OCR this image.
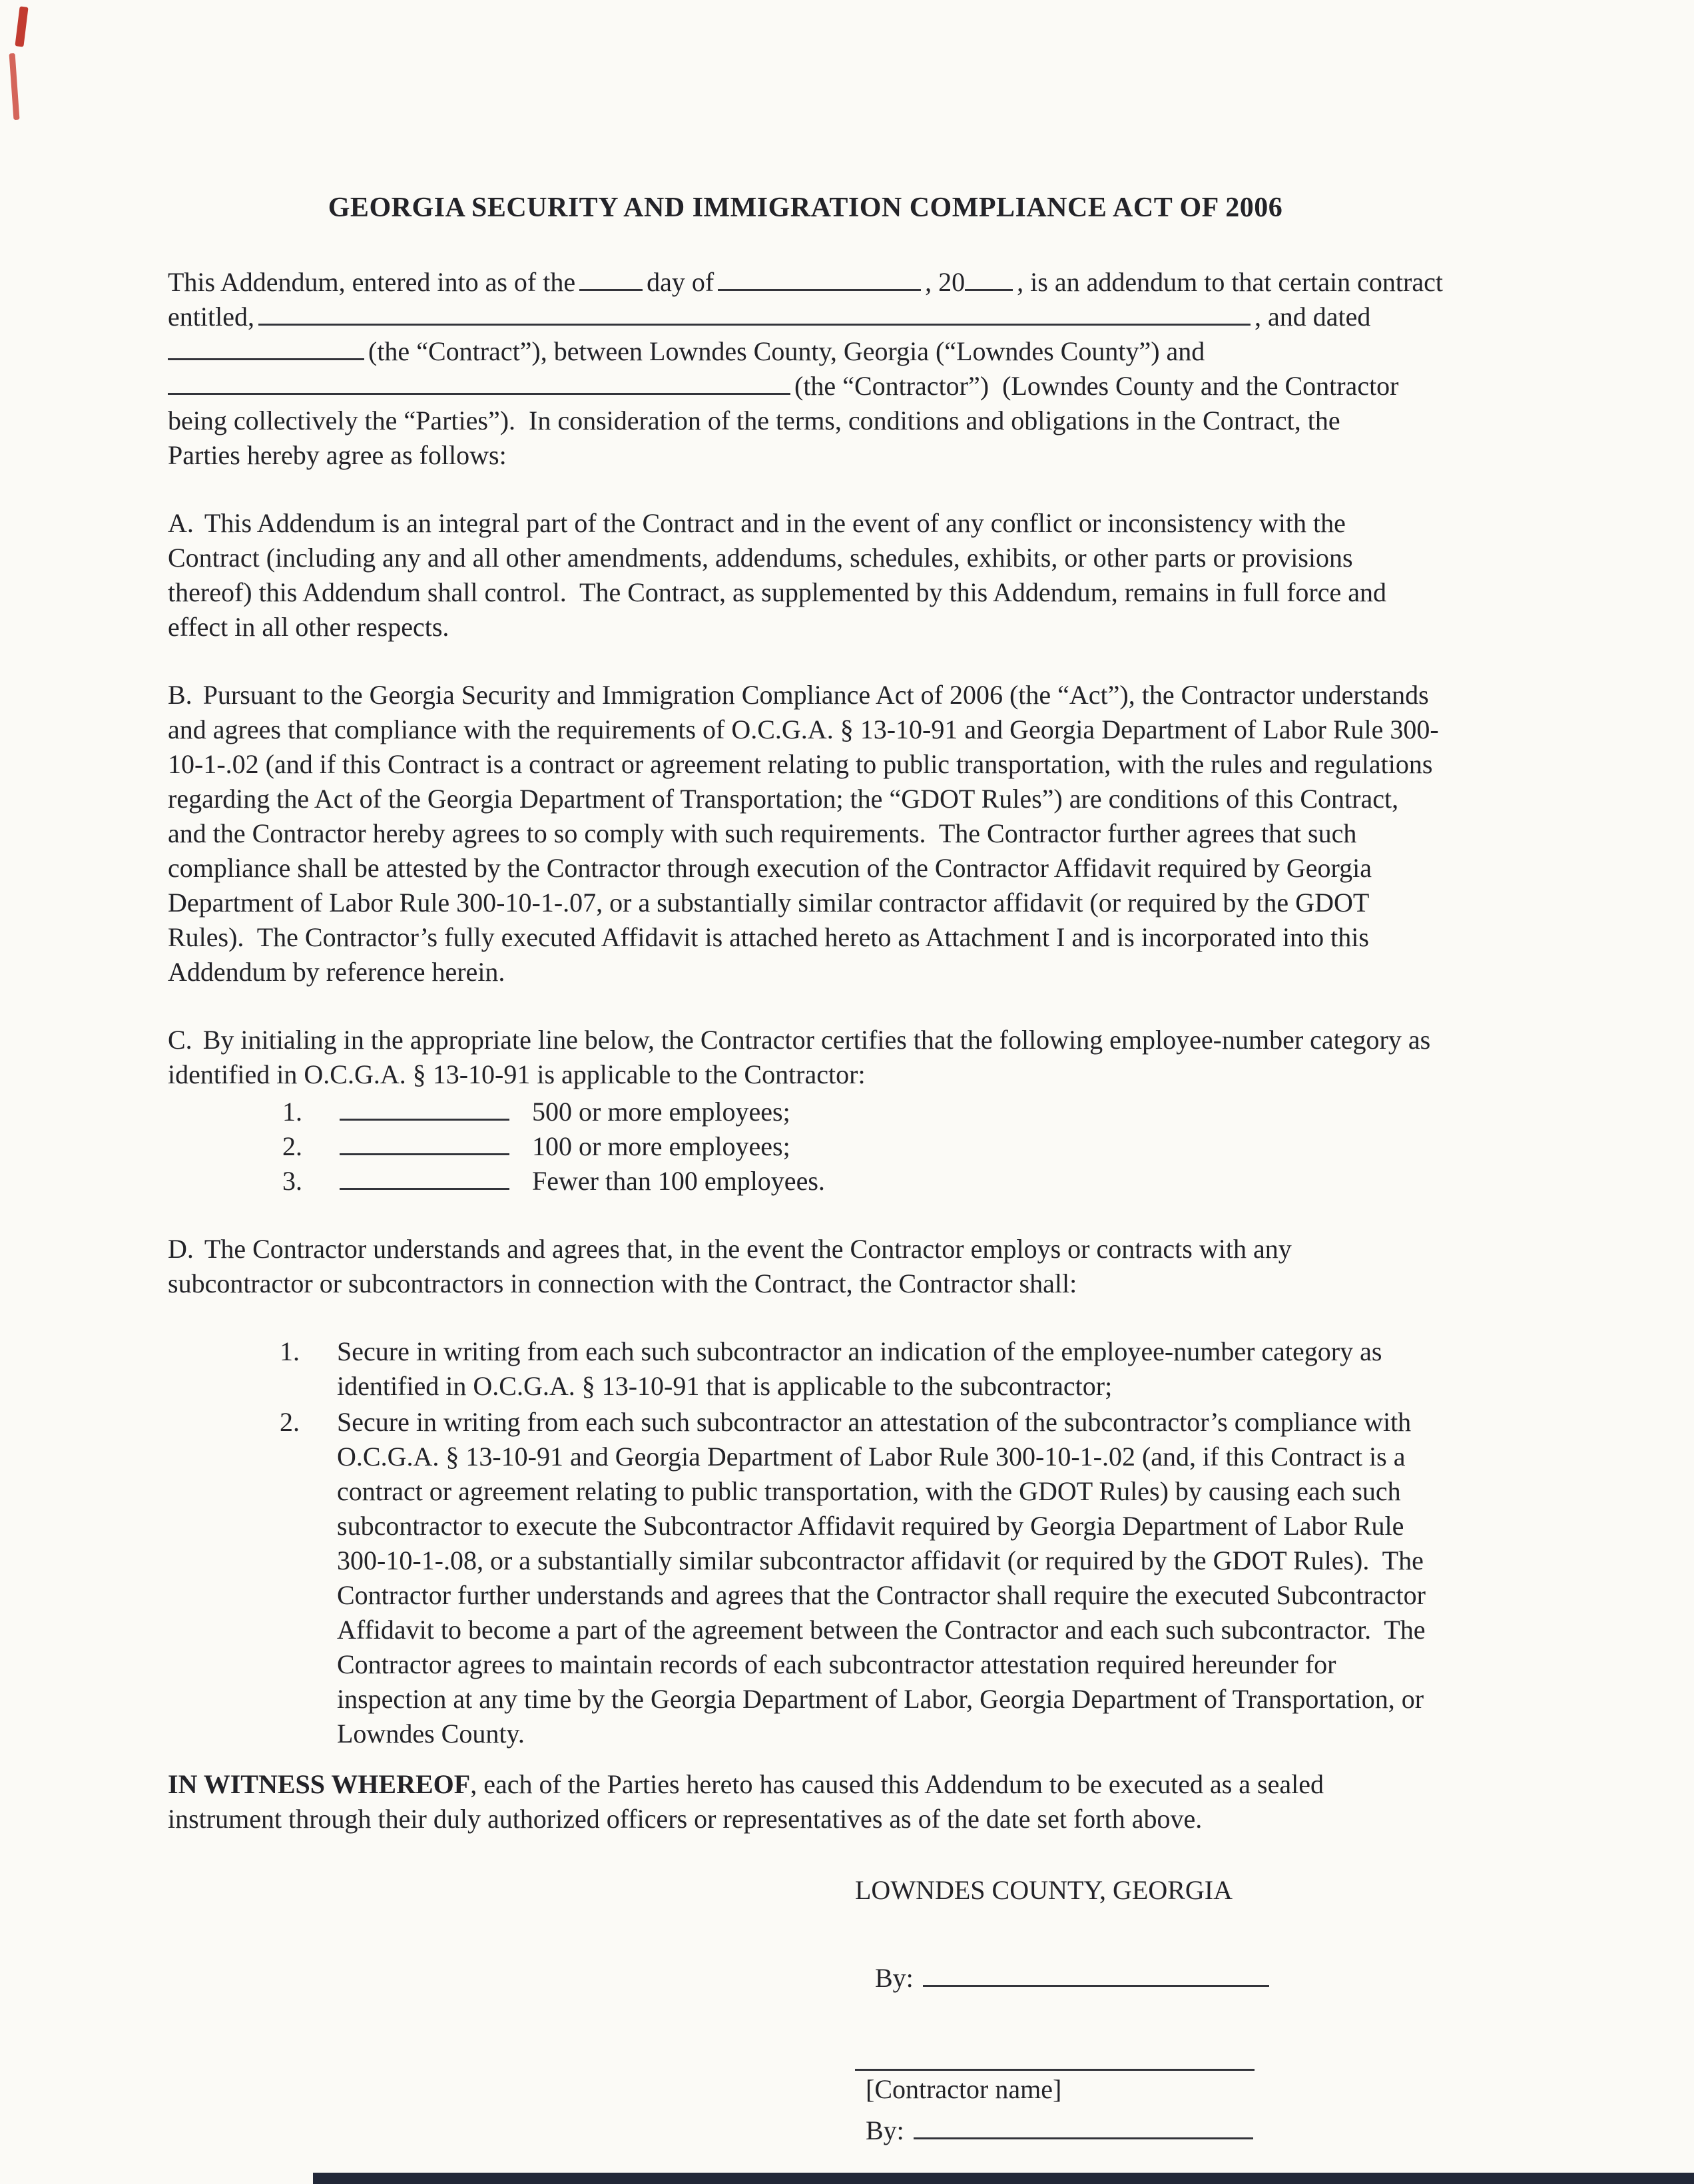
GEORGIA SECURITY AND IMMIGRATION COMPLIANCE ACT OF 2006
This Addendum, entered into as of the	day of	, 20 , is an addendum to that certain contract
entitled,	, and dated
(the “Contract”), between Lowndes County, Georgia (“Lowndes County”) and
(the “Contractor”)  (Lowndes County and the Contractor
being collectively the “Parties”).  In consideration of the terms, conditions and obligations in the Contract, the
Parties hereby agree as follows:

A. This Addendum is an integral part of the Contract and in the event of any conflict or inconsistency with the Contract (including any and all other amendments, addendums, schedules, exhibits, or other parts or provisions thereof) this Addendum shall control.  The Contract, as supplemented by this Addendum, remains in full force and effect in all other respects.

B. Pursuant to the Georgia Security and Immigration Compliance Act of 2006 (the “Act”), the Contractor understands and agrees that compliance with the requirements of O.C.G.A. § 13-10-91 and Georgia Department of Labor Rule 300-10-1-.02 (and if this Contract is a contract or agreement relating to public transportation, with the rules and regulations regarding the Act of the Georgia Department of Transportation; the “GDOT Rules”) are conditions of this Contract, and the Contractor hereby agrees to so comply with such requirements.  The Contractor further agrees that such compliance shall be attested by the Contractor through execution of the Contractor Affidavit required by Georgia Department of Labor Rule 300-10-1-.07, or a substantially similar contractor affidavit (or required by the GDOT Rules).  The Contractor’s fully executed Affidavit is attached hereto as Attachment I and is incorporated into this Addendum by reference herein.

C. By initialing in the appropriate line below, the Contractor certifies that the following employee-number category as identified in O.C.G.A. § 13-10-91 is applicable to the Contractor:

1.	500 or more employees;
2.	100 or more employees;
3.	Fewer than 100 employees.

D. The Contractor understands and agrees that, in the event the Contractor employs or contracts with any subcontractor or subcontractors in connection with the Contract, the Contractor shall:

1.	Secure in writing from each such subcontractor an indication of the employee-number category as identified in O.C.G.A. § 13-10-91 that is applicable to the subcontractor;
2.	Secure in writing from each such subcontractor an attestation of the subcontractor’s compliance with O.C.G.A. § 13-10-91 and Georgia Department of Labor Rule 300-10-1-.02 (and, if this Contract is a contract or agreement relating to public transportation, with the GDOT Rules) by causing each such subcontractor to execute the Subcontractor Affidavit required by Georgia Department of Labor Rule 300-10-1-.08, or a substantially similar subcontractor affidavit (or required by the GDOT Rules).  The Contractor further understands and agrees that the Contractor shall require the executed Subcontractor Affidavit to become a part of the agreement between the Contractor and each such subcontractor.  The Contractor agrees to maintain records of each subcontractor attestation required hereunder for inspection at any time by the Georgia Department of Labor, Georgia Department of Transportation, or Lowndes County.

IN WITNESS WHEREOF, each of the Parties hereto has caused this Addendum to be executed as a sealed instrument through their duly authorized officers or representatives as of the date set forth above.

LOWNDES COUNTY, GEORGIA
By:
[Contractor name]
By:
